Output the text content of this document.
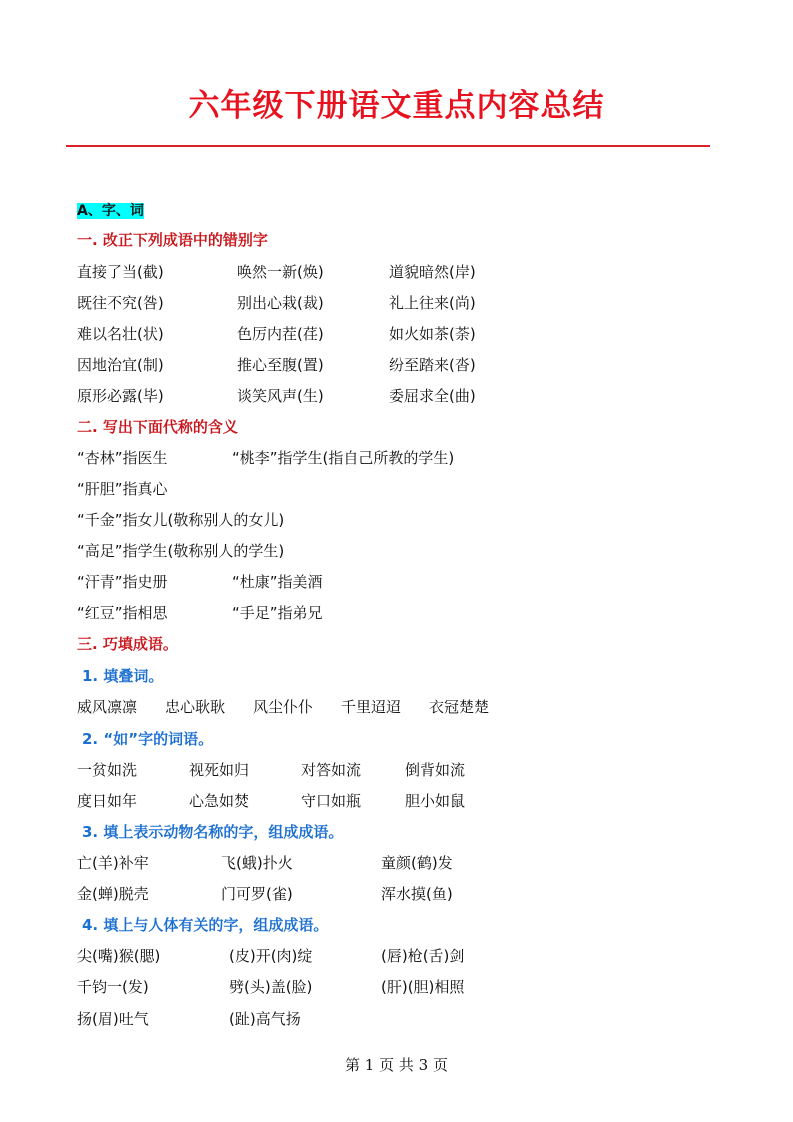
六年级下册语文重点内容总结
A、字、词
一. 改正下列成语中的错别字
直接了当(截)	唤然一新(焕)	道貌暗然(岸)
既往不究(咎)	别出心栽(裁)	礼上往来(尚)
难以名壮(状)	色厉内茬(荏)	如火如茶(荼)
因地治宜(制)	推心至腹(置)	纷至踏来(沓)
原形必露(毕)	谈笑风声(生)	委屈求全(曲)
二. 写出下面代称的含义
“杏林”指医生	“桃李”指学生(指自己所教的学生)
“肝胆”指真心
“千金”指女儿(敬称别人的女儿)
“高足”指学生(敬称别人的学生)
“汗青”指史册	“杜康”指美酒
“红豆”指相思	“手足”指弟兄
三. 巧填成语。
1. 填叠词。
威风凛凛 忠心耿耿 风尘仆仆 千里迢迢 衣冠楚楚
2. “如”字的词语。
一贫如洗	视死如归	对答如流	倒背如流
度日如年	心急如焚	守口如瓶	胆小如鼠
3. 填上表示动物名称的字，组成成语。
亡(羊)补牢	飞(蛾)扑火	童颜(鹤)发
金(蝉)脱壳	门可罗(雀)	浑水摸(鱼)
4. 填上与人体有关的字，组成成语。
尖(嘴)猴(腮)	(皮)开(肉)绽	(唇)枪(舌)剑
千钧一(发)	劈(头)盖(脸)	(肝)(胆)相照
扬(眉)吐气	(趾)高气扬
第 1 页 共 3 页
